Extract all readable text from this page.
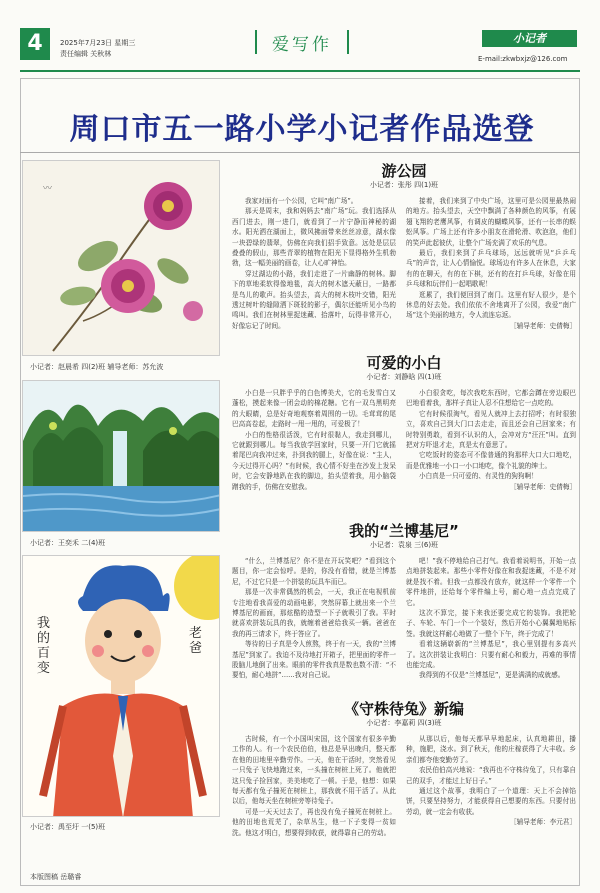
4	2025年7月23日 星期三
责任编辑 关秋林	爱写作	小记者
E-mail:zkwbxjz@126.com
周口市五一路小学小记者作品选登
〰
小记者：赵晨希 四(2)班 辅导老师：苏允波
小记者：王奕禾 二(4)班
我的百变
老爸
小记者：禹至圩 一(5)班
本版图稿 岳璐睿
游公园
小记者：张彤 四(1)班

我家对面有一个公园，它叫“南广场”。

那天是周末，我和妈妈去“南广场”玩。我们选择从西门进去，刚一进门，就看到了一片宁静而神秘的湖水。阳光洒在湖面上，微风拂面带来丝丝凉意，湖水像一块碧绿的翡翠，仿佛在向我们招手致意。远处是层层叠叠的假山，那些青翠的植物在阳光下显得格外生机勃勃，这一幅美丽的画卷，让人心旷神怡。

穿过湖边的小路，我们走进了一片幽静的树林。脚下的草地柔软得像地毯，高大的树木遮天蔽日，一路都是鸟儿的歌声。抬头望去，高大的树木枝叶交错，阳光透过树叶的缝隙洒下斑驳的影子，偶尔还能听见小鸟的鸣叫。我们在树林里捉迷藏、拾落叶，玩得非常开心，好像忘记了时间。

接着，我们来到了中央广场，这里可是公园里最热闹的地方。抬头望去，天空中飘满了各种颜色的风筝，有展翅飞翔的老鹰风筝，有调皮的蝴蝶风筝，还有一长串的蜈蚣风筝。广场上还有许多小朋友在滑轮滑、吹泡泡，他们的笑声此起彼伏，让整个广场充满了欢乐的气息。

最后，我们来到了乒乓球场，远远就听见“乒乒乓乓”的声音，让人心情愉悦。球场边有许多人在休息，大家有的在聊天，有的在下棋，还有的在打乒乓球，好像在用乒乓球和玩伴们一起唱歌呢！

逛累了，我们便回到了南门。这里有好人很少，是个休息的好去处。我们依依不舍地离开了公园，我爱“南广场”这个美丽的地方，令人流连忘返。

［辅导老师：史倩梅］

可爱的小白
小记者：刘静晗 四(1)班

小白是一只胖乎乎的白色博美犬，它的毛发雪白又蓬松，摸起来像一团会动的棉花糖。它有一双乌黑明亮的大眼睛，总是好奇地观察着周围的一切。毛茸茸的尾巴高高卷起，走路时一甩一甩的，可爱极了！

小白的性格很活泼，它有时很黏人，我走到哪儿，它就跟到哪儿。每当我放学回家时，只要一开门它就摇着尾巴向我冲过来，扑到我的腿上，好像在说：“主人，今天过得开心吗？”有时候，我心情不好坐在沙发上发呆时，它会安静地趴在我的脚边，抬头望着我，用小脑袋蹭我的手，仿佛在安慰我。

小白很贪吃，每次我吃东西时，它都会蹲在旁边眼巴巴地看着我，那样子真让人忍不住想给它一点吃的。

它有时候很淘气，看见人就冲上去打招呼；有时很独立，喜欢自己到大门口去走走，而且还会自己回家来；有时特别勇敢，看到不认识的人，会冲对方“汪汪”叫。直到把对方吓退才走，真是太有意思了。

它吃饭时的姿态可不像普通的狗那样大口大口地吃，而是优雅地一小口一小口地吃，像个礼貌的绅士。

小白真是一只可爱的、有灵性的狗狗啊！

［辅导老师：史倩梅］

我的“兰博基尼”
小记者：袁泉 三(6)班

“什么，兰博基尼？你不是在开玩笑吧？”看到这个题目，你一定会惊呼。是的，你没有看错，就是兰博基尼，不过它只是一个拼装的玩具车而已。

那是一次非常偶然的机会，一天，我正在电视机前专注地看我喜爱的动画电影，突然屏幕上就出来一个兰博基尼的画面，那炫酷的造型一下子就吸引了我。平时就喜欢拼装玩具的我，就缠着爸爸给我买一辆。爸爸在我的再三请求下，终于答应了。

等待的日子真是令人煎熬，终于有一天，我的“兰博基尼”到家了。我迫不及待地打开箱子，把里面的零件一股脑儿地倒了出来。眼前的零件我真是数也数不清：“不要怕，耐心地拼”……我对自己说。

吧！”我不停地给自己打气。我看着说明书，开始一点点地拼装起来。那些小零件好像在和我捉迷藏，不是不对就是找不着。但我一点都没有放弃，就这样一个零件一个零件地拼，还给每个零件编上号，耐心地一点点完成了它。

这次不算完，接下来我还要完成它的装饰。我把轮子、车轮、车门一个一个装好，然后开始小心翼翼地贴标签。我就这样耐心地做了一整个下午，终于完成了！

看着这辆崭新的“兰博基尼”，我心里别提有多高兴了。这次拼装让我明白：只要有耐心和毅力，再难的事情也能完成。

我得到的不仅是“兰博基尼”，更是满满的成就感。

《守株待兔》新编
小记者：李嘉莉 四(3)班

古时候，有一个小国叫宋国，这个国家有很多辛勤工作的人。有一个农民伯伯，他总是早出晚归，整天都在他的田地里辛勤劳作。一天，他在干活时，突然看见一只兔子飞快地跑过来，一头撞在树桩上死了。他就把这只兔子捡回家，美美地吃了一顿。于是，他想：如果每天都有兔子撞死在树桩上，那我就不用干活了。从此以后，他每天坐在树桩旁等待兔子。

可是一天天过去了，再也没有兔子撞死在树桩上。他的田地也荒芜了，杂草丛生，他一下子变得一贫如洗。他这才明白，想要得到收获，就得靠自己的劳动。

从那以后，他每天都早早地起床，认真地耕田，播种，施肥，浇水。到了秋天，他的庄稼获得了大丰收。乡亲们都夸他变勤劳了。

农民伯伯高兴地说：“我再也不守株待兔了，只有靠自己的双手，才能过上好日子。”

通过这个故事，我明白了一个道理：天上不会掉馅饼，只要坚持努力，才能获得自己想要的东西。只要付出劳动，就一定会有收获。

［辅导老师：李元君］
